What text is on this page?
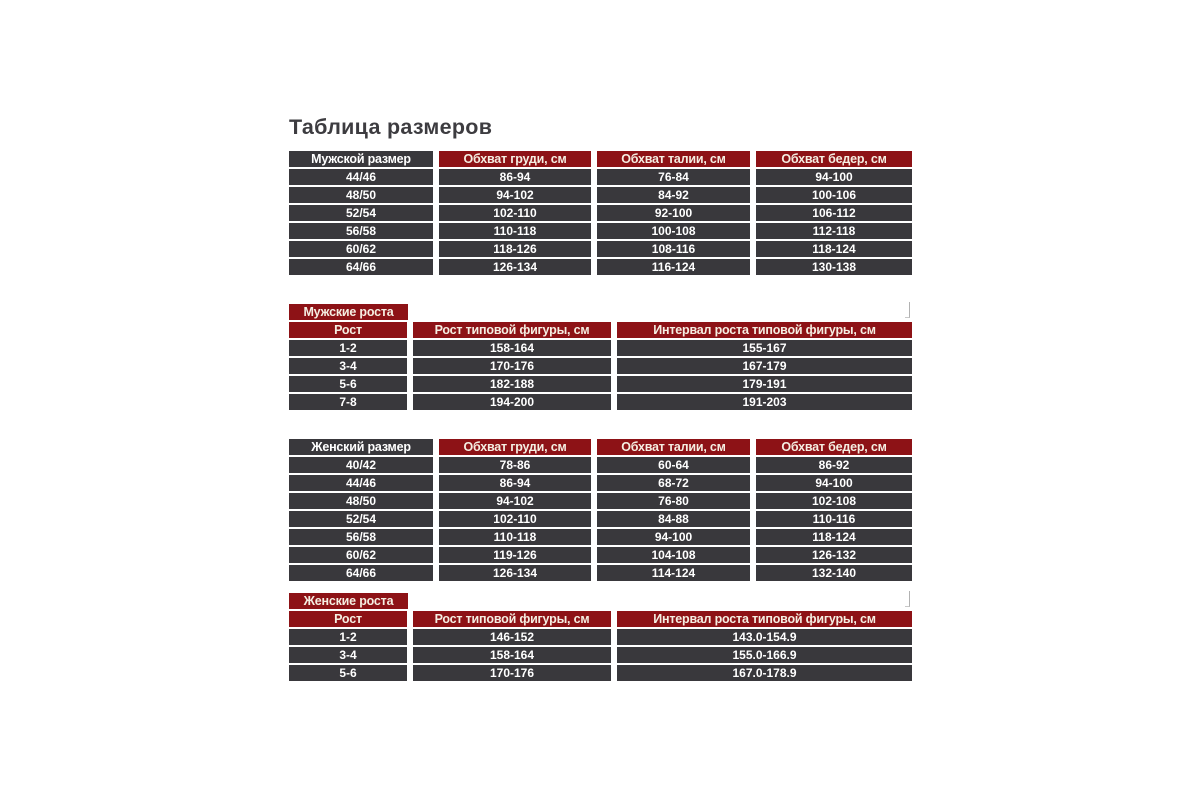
Таблица размеров
Мужской размер	Обхват груди, см	Обхват талии, см	Обхват бедер, см
44/46	86-94	76-84	94-100
48/50	94-102	84-92	100-106
52/54	102-110	92-100	106-112
56/58	110-118	100-108	112-118
60/62	118-126	108-116	118-124
64/66	126-134	116-124	130-138
Мужские роста
Рост	Рост типовой фигуры, см	Интервал роста типовой фигуры, см
1-2	158-164	155-167
3-4	170-176	167-179
5-6	182-188	179-191
7-8	194-200	191-203
Женский размер	Обхват груди, см	Обхват талии, см	Обхват бедер, см
40/42	78-86	60-64	86-92
44/46	86-94	68-72	94-100
48/50	94-102	76-80	102-108
52/54	102-110	84-88	110-116
56/58	110-118	94-100	118-124
60/62	119-126	104-108	126-132
64/66	126-134	114-124	132-140
Женские роста
Рост	Рост типовой фигуры, см	Интервал роста типовой фигуры, см
1-2	146-152	143.0-154.9
3-4	158-164	155.0-166.9
5-6	170-176	167.0-178.9
